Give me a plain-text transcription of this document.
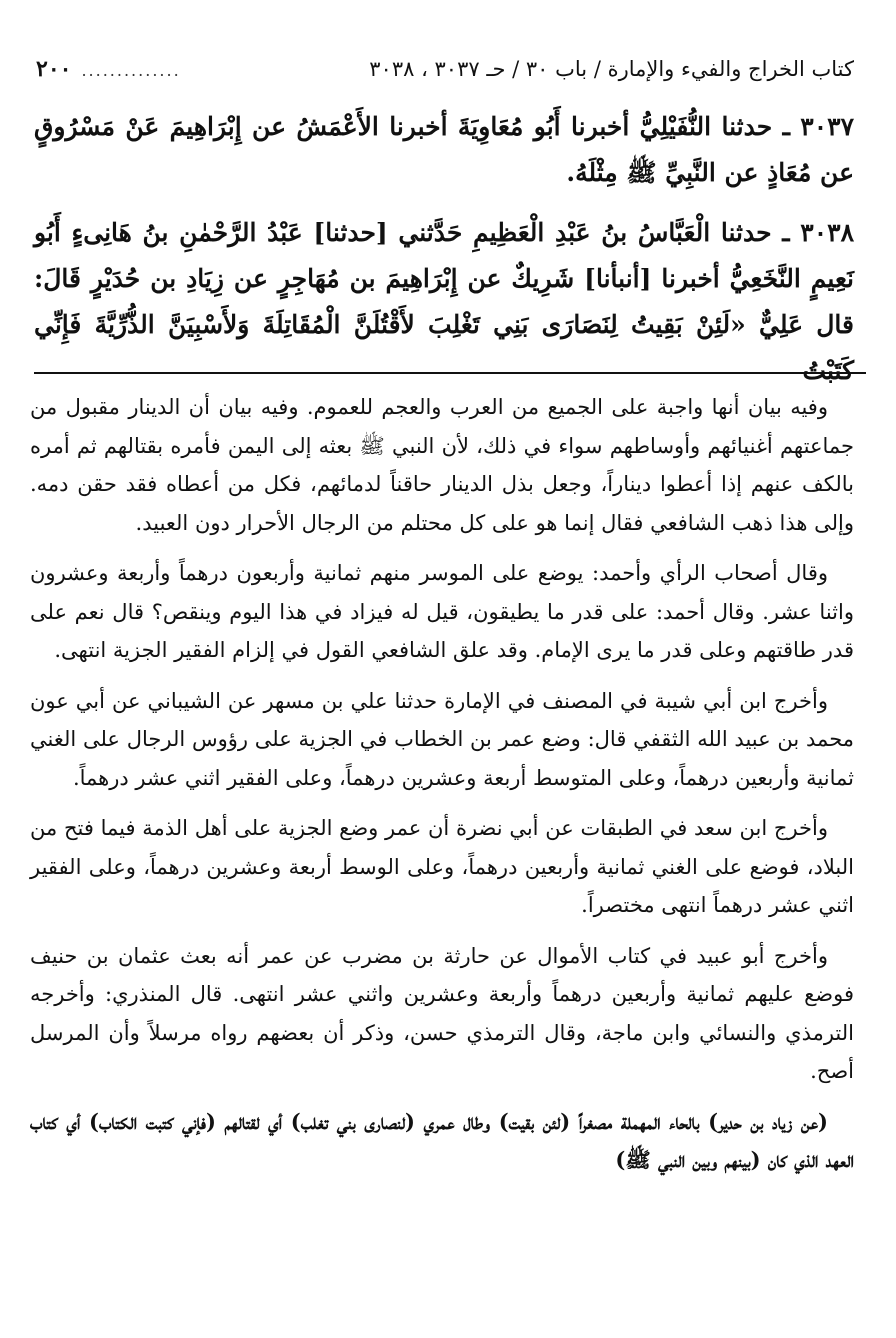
كتاب الخراج والفيء والإمارة / باب ٣٠ / حـ ٣٠٣٧ ، ٣٠٣٨
..............
٢٠٠

٣٠٣٧ ـ حدثنا النُّفَيْلِيُّ أخبرنا أَبُو مُعَاوِيَةَ أخبرنا الأَعْمَشُ عن إِبْرَاهِيمَ عَنْ مَسْرُوقٍ عن مُعَاذٍ عن النَّبِيِّ ﷺ مِثْلَهُ.

٣٠٣٨ ـ حدثنا الْعَبَّاسُ بنُ عَبْدِ الْعَظِيمِ حَدَّثني [حدثنا] عَبْدُ الرَّحْمٰنِ بنُ هَانِىءٍ أَبُو نَعِيمٍ النَّخَعِيُّ أخبرنا [أنبأنا] شَرِيكٌ عن إِبْرَاهِيمَ بن مُهَاجِرٍ عن زِيَادِ بن حُدَيْرٍ قَالَ: قال عَلِيٌّ «لَئِنْ بَقِيتُ لِنَصَارَى بَنِي تَغْلِبَ لأَقْتُلَنَّ الْمُقَاتِلَةَ وَلأَسْبِيَنَّ الذُّرِّيَّةَ فَإِنِّي كَتَبْتُ

وفيه بيان أنها واجبة على الجميع من العرب والعجم للعموم. وفيه بيان أن الدينار مقبول من جماعتهم أغنيائهم وأوساطهم سواء في ذلك، لأن النبي ﷺ بعثه إلى اليمن فأمره بقتالهم ثم أمره بالكف عنهم إذا أعطوا ديناراً، وجعل بذل الدينار حاقناً لدمائهم، فكل من أعطاه فقد حقن دمه. وإلى هذا ذهب الشافعي فقال إنما هو على كل محتلم من الرجال الأحرار دون العبيد.

وقال أصحاب الرأي وأحمد: يوضع على الموسر منهم ثمانية وأربعون درهماً وأربعة وعشرون واثنا عشر. وقال أحمد: على قدر ما يطيقون، قيل له فيزاد في هذا اليوم وينقص؟ قال نعم على قدر طاقتهم وعلى قدر ما يرى الإمام. وقد علق الشافعي القول في إلزام الفقير الجزية انتهى.

وأخرج ابن أبي شيبة في المصنف في الإمارة حدثنا علي بن مسهر عن الشيباني عن أبي عون محمد بن عبيد الله الثقفي قال: وضع عمر بن الخطاب في الجزية على رؤوس الرجال على الغني ثمانية وأربعين درهماً، وعلى المتوسط أربعة وعشرين درهماً، وعلى الفقير اثني عشر درهماً.

وأخرج ابن سعد في الطبقات عن أبي نضرة أن عمر وضع الجزية على أهل الذمة فيما فتح من البلاد، فوضع على الغني ثمانية وأربعين درهماً، وعلى الوسط أربعة وعشرين درهماً، وعلى الفقير اثني عشر درهماً انتهى مختصراً.

وأخرج أبو عبيد في كتاب الأموال عن حارثة بن مضرب عن عمر أنه بعث عثمان بن حنيف فوضع عليهم ثمانية وأربعين درهماً وأربعة وعشرين واثني عشر انتهى. قال المنذري: وأخرجه الترمذي والنسائي وابن ماجة، وقال الترمذي حسن، وذكر أن بعضهم رواه مرسلاً وأن المرسل أصح.

(عن زياد بن حدير) بالحاء المهملة مصغراً (لئن بقيت) وطال عمري (لنصارى بني تغلب) أي لقتالهم (فإني كتبت الكتاب) أي كتاب العهد الذي كان (بينهم وبين النبي ﷺ)
